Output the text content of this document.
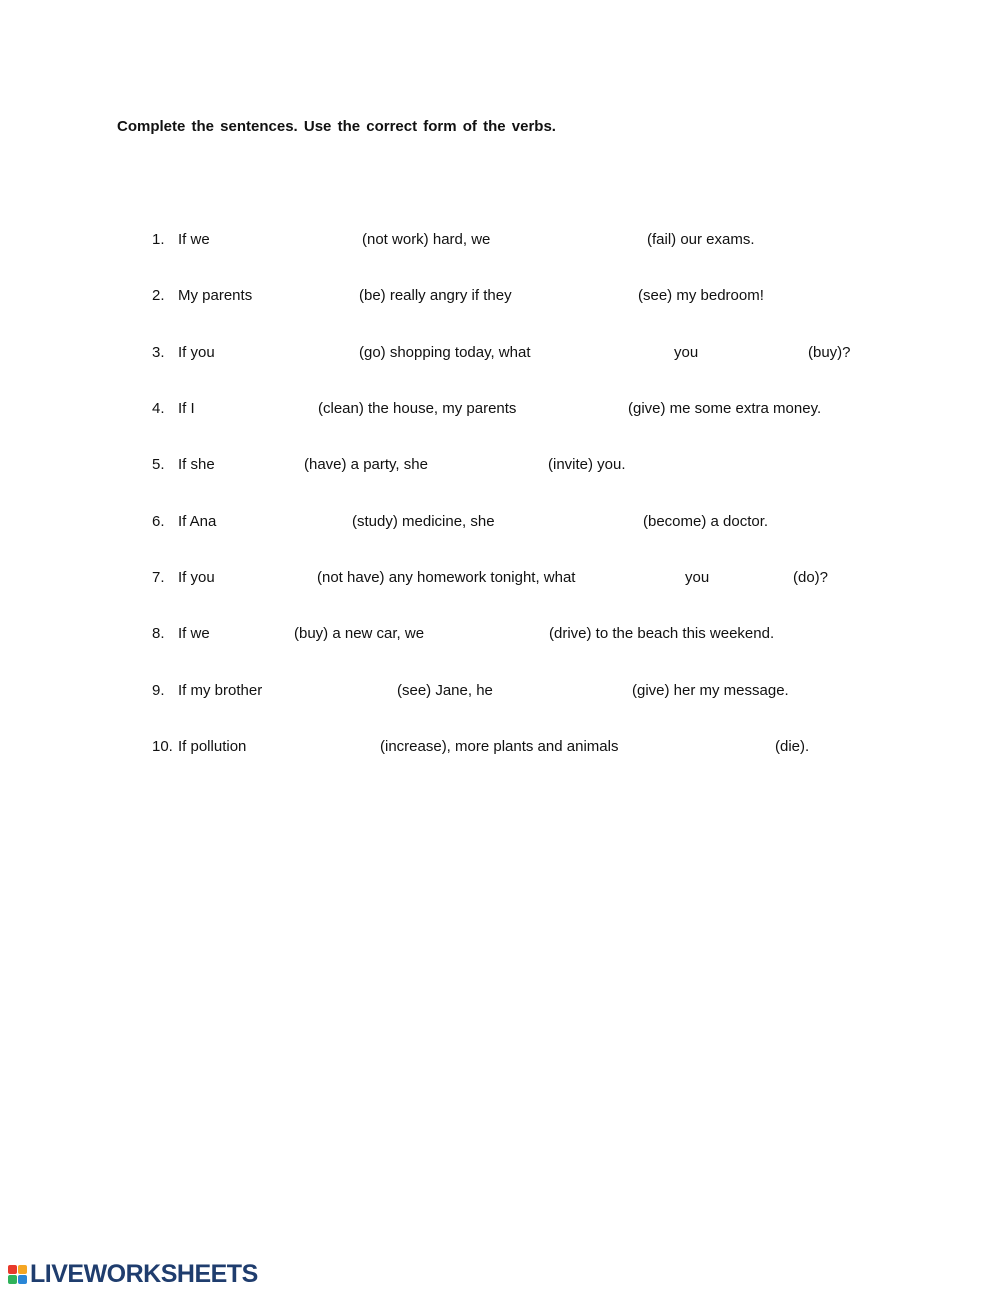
Complete the sentences. Use the correct form of the verbs.
1. If we	(not work) hard, we	(fail) our exams.
2. My parents	(be) really angry if they	(see) my bedroom!
3. If you	(go) shopping today, what	you	(buy)?
4. If I	(clean) the house, my parents	(give) me some extra money.
5. If she	(have) a party, she	(invite) you.
6. If Ana	(study) medicine, she	(become) a doctor.
7. If you	(not have) any homework tonight, what	you	(do)?
8. If we	(buy) a new car, we	(drive) to the beach this weekend.
9. If my brother	(see) Jane, he	(give) her my message.
10. If pollution	(increase), more plants and animals	(die).
LIVEWORKSHEETS
